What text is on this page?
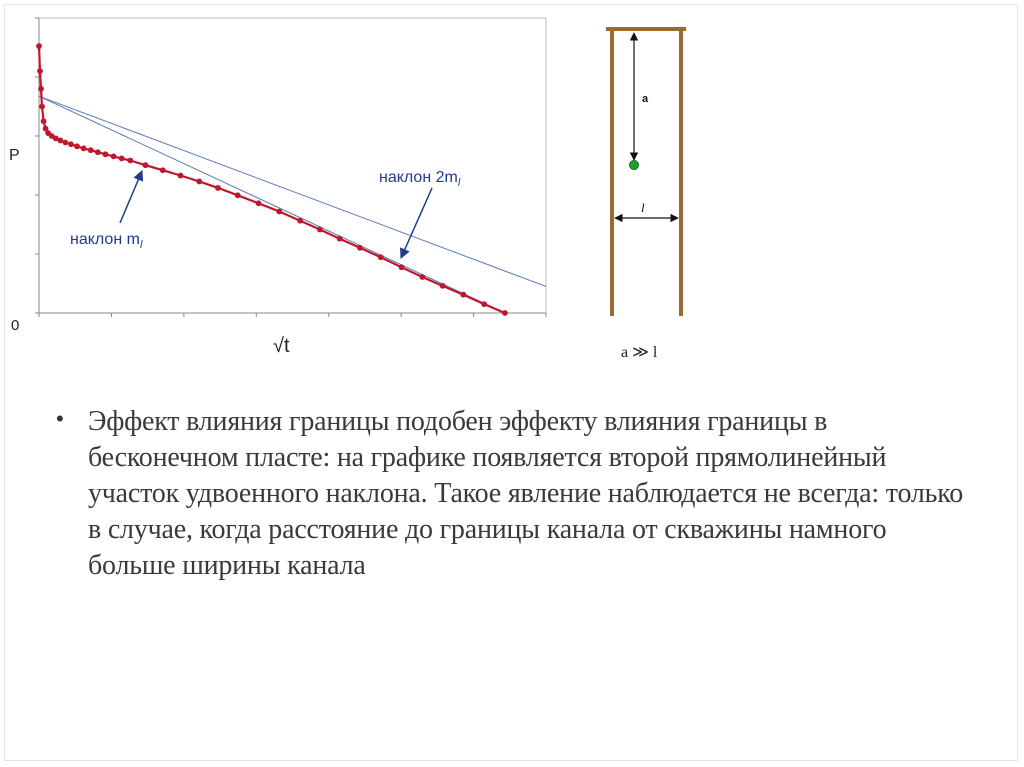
P
0
√t
наклон $m_l$
наклон $2m_l$
a
l
a ≫ l
• Эффект влияния границы подобен эффекту влияния границы в бесконечном пласте: на графике появляется второй прямолинейный участок удвоенного наклона. Такое явление наблюдается не всегда: только в случае, когда расстояние до границы канала от скважины намного больше ширины канала
